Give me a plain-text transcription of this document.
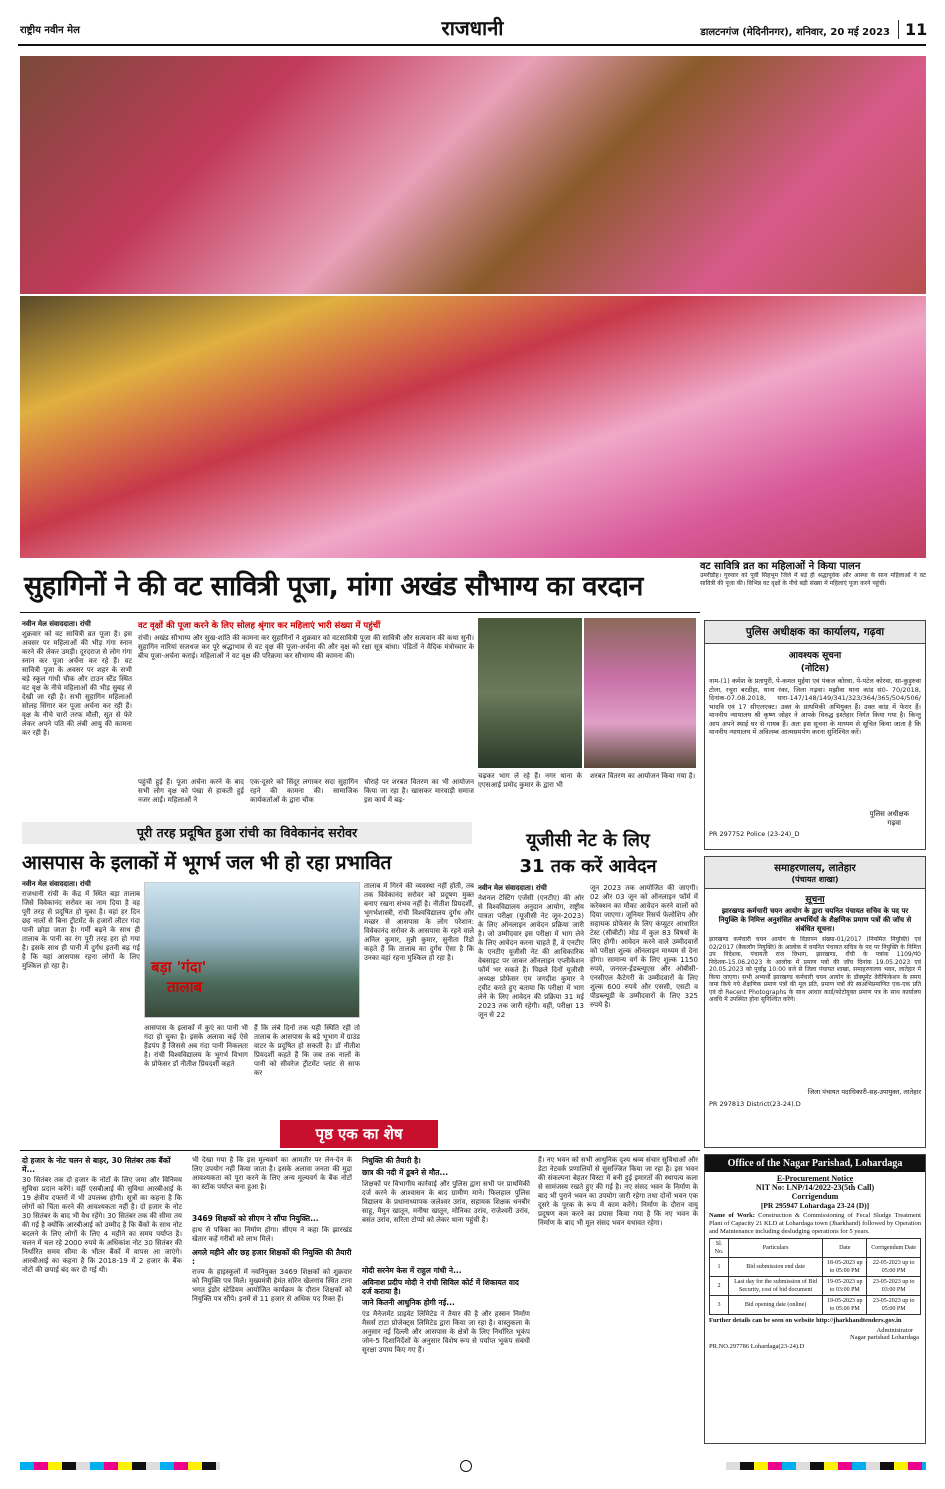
राष्ट्रीय नवीन मेल	राजधानी	डालटनगंज (मेदिनीनगर), शनिवार, 20 मई 2023 11
वट सावित्रि व्रत का महिलाओं ने किया पालन
उमरीडीह। गुरुवार को पूर्वी सिंहभूम जिले में बड़े ही श्रद्धापूर्वक और आस्था के साथ महिलाओं ने वट सावित्री की पूजा की। विभिन्न वट वृक्षों के नीचे बड़ी संख्या में महिलाएं पूजा करने पहुंचीं।
सुहागिनों ने की वट सावित्री पूजा, मांगा अखंड सौभाग्य का वरदान
नवीन मेल संवाददाता। रांची
शुक्रवार को वट सावित्री व्रत पूजा है। इस अवसर पर महिलाओं की भीड़ गंगा स्नान करने की लेकर उमड़ी। दूरदराज से लोग गंगा स्नान कर पूजा अर्चना कर रहे हैं। वट सावित्री पूजा के अवसर पर शहर के सभी बड़े स्कूल गांधी चौक और टाउन स्टैंड स्थित वट वृक्ष के नीचे महिलाओं की भीड़ सुबह से देखी जा रही है। सभी सुहागिन महिलाओं सोलह सिंगार कर पूजा अर्चना कर रही हैं। वृक्ष के नीचे चारों तरफ मौली, सूत से फेरे लेकर अपने पति की लंबी आयु की कामना कर रही हैं।
वट वृक्षों की पूजा करने के लिए सोलह श्रृंगार कर महिलाएं भारी संख्या में पहुंचीं
रांची। अखंड सौभाग्य और सुख-शांति की कामना कर सुहागिनों ने शुक्रवार को वटसावित्री पूजा की सावित्री और सत्यवान की कथा सुनी। सुहागिन नारियां सजधज कर पूरे श्रद्धाभाव से वट वृक्ष की पूजा-अर्चना की और वृक्ष को रक्षा सूत्र बांधा। पंडितों ने वैदिक मंत्रोच्चार के बीच पूजा-अर्चना कराई। महिलाओं ने वट वृक्ष की परिक्रमा कर सौभाग्य की कामना की।
पहुंची हुई हैं। पूजा अर्चना करने के बाद सभी लोग वृक्ष को पंखा से हाकती हुई नजर आईं। महिलाओं ने
एक-दूसरे को सिंदूर लगाकर सदा सुहागिन रहने की कामना की। सामाजिक कार्यकर्ताओं के द्वारा चौक
चौराहे पर शरबत वितरण का भी आयोजन किया जा रहा है। खासकर मारवाड़ी समाज इस कार्य में बढ़-
चढ़कर भाग ले रहे हैं। नगर थाना के एएसआई प्रमोद कुमार के द्वारा भी
शरबत वितरण का आयोजन किया गया है।
पुलिस अधीक्षक का कार्यालय, गढ़वा
आवश्यक सूचना
(नोटिस)
नाम-(1) कमेश के प्रतापुरी, पे-कमल मुईया एवं पंकज कोरवा, पे-पटेल कोरवा, सा-कुड़ुरुवा टोला, रचुरा बरडीहा, थाना रंका, जिला गढ़वा। मझौवा थाना कांड सं0- 70/2018, दिनांक-07.08.2018, धारा-147/148/149/341/323/364/365/504/506/भादवि एवं 17 सीएलएक्ट। उक्त के प्राथमिकी अभियुक्त हैं। उक्त कांड में फेरार हैं। माननीय न्यायालय श्री कृष्ण जोहर ने आपके विरुद्ध इश्तेहार निर्गत किया गया है। किन्तु आप अपने स्थाई घर से गायब हैं। अतः इस सूचना के माध्यम से सूचित किया जाता है कि माननीय न्यायालय में अविलम्ब आत्मसमर्पण करना सुनिश्चित करें।
पुलिस अधीक्षक
गढ़वा
PR 297752 Police (23-24)_D
पूरी तरह प्रदूषित हुआ रांची का विवेकानंद सरोवर
आसपास के इलाकों में भूगर्भ जल भी हो रहा प्रभावित
नवीन मेल संवाददाता। रांची
राजधानी रांची के केंद्र में स्थित बड़ा तालाब जिसे विवेकानंद सरोवर का नाम दिया है वह पूरी तरह से प्रदूषित हो चुका है। वहां हर दिन छह नालों से बिना ट्रीटमेंट के हजारों लीटर गंदा पानी छोड़ा जाता है। गर्मी बढ़ने के साथ ही तालाब के पानी का रंग पूरी तरह हरा हो गया है। इसके साथ ही पानी में दुर्गंध इतनी बढ़ गई है कि यहां आसपास रहना लोगों के लिए मुश्किल हो रहा है।	बड़ा 'गंदा'
तालाब
तालाब में गिरने की व्यवस्था नहीं होती, तब तक विवेकानंद सरोवर को प्रदूषण मुक्त बनाए रखना संभव नहीं है। नीतीश प्रियदर्शी, भूगर्भशास्त्री, रांची विश्वविद्यालय दुर्गंध और मच्छर से आसपास के लोग परेशान: विवेकानंद सरोवर के आसपास के रहने वाले अनिल कुमार, मुन्नी कुमार, सुनीता रिंडो कहते हैं कि तालाब का दुर्गंध ऐसा है कि उनका वहां रहना मुश्किल हो रहा है।
आसपास के इलाकों में कुएं का पानी भी गंदा हो चुका है। इसके अलावा कई ऐसे हैंडपंप हैं जिससे अब गंदा पानी निकलता है। रांची विश्वविद्यालय के भूगर्भ विभाग के प्रोफेसर डॉ नीतीश प्रियदर्शी कहते
हैं कि लंबे दिनों तक यही स्थिति रही तो तालाब के आसपास के बड़े भूभाग में ग्राउंड वाटर के प्रदूषित हो सकती है। डॉ नीतीश प्रियदर्शी कहते हैं कि जब तक नालों के पानी को सीवरेज ट्रीटमेंट प्लांट से साफ कर
यूजीसी नेट के लिए
31 तक करें आवेदन
नवीन मेल संवाददाता। रांची
नेशनल टेस्टिंग एजेंसी (एनटीए) की ओर से विश्वविद्यालय अनुदान आयोग, राष्ट्रीय पात्रता परीक्षा (यूजीसी नेट जून-2023) के लिए ऑनलाइन आवेदन प्रक्रिया जारी है। जो उम्मीदवार इस परीक्षा में भाग लेने के लिए आवेदन करना चाहते हैं, वे एनटीए के एनटीए यूजीसी नेट की आधिकारिक वेबसाइट पर जाकर ऑनलाइन एप्लीकेशन फॉर्म भर सकते हैं। पिछले दिनों यूजीसी अध्यक्ष प्रोफेसर एम जगदीश कुमार ने ट्वीट करते हुए बताया कि परीक्षा में भाग लेने के लिए आवेदन की प्रक्रिया 31 मई 2023 तक जारी रहेगी। वहीं, परीक्षा 13 जून से 22
जून 2023 तक आयोजित की जाएगी। 02 और 03 जून को ऑनलाइन फॉर्म में करेक्शन का मौका आवेदन करने वालों को दिया जाएगा। जूनियर रिसर्च फेलोशिप और सहायक प्रोफेसर के लिए कंप्यूटर आधारित टेस्ट (सीबीटी) मोड में कुल 83 विषयों के लिए होगी। आवेदन करने वाले उम्मीदवारों को परीक्षा शुल्क ऑनलाइन माध्यम से देना होगा। सामान्य वर्ग के लिए शुल्क 1150 रुपये, जनरल-ईडब्ल्यूएस और ओबीसी-एनसीएल कैटेगरी के उम्मीदवारों के लिए शुल्क 600 रुपये और एससी, एसटी व पीडब्ल्यूडी के उम्मीदवारों के लिए 325 रुपये है।
समाहरणालय, लातेहार
(पंचायत शाखा)
सूचना
झारखण्ड कर्मचारी चयन आयोग के द्वारा चयनित पंचायत सचिव के पद पर नियुक्ति के निमित्त अनुशंसित अभ्यर्थियों के शैक्षणिक प्रमाण पत्रों की जॉच से संबंधित सूचना।
झारखण्ड कर्मचारी चयन आयोग के विज्ञापन संख्या-01/2017 (नियमित नियुक्ति) एवं 02/2017 (बैकलॉग नियुक्ति) के आलोक में चयनित पंचायत सचिव के पद पर नियुक्ति के निमित्त उप निदेशक, पंचायती राज विभाग, झारखण्ड, राँची के पत्रांक 1109/पं0 निदेशक-15.06.2023 के आलोक में प्रमाण पत्रों की जॉच दिनांक 19.05.2023 एवं 20.05.2023 को पूर्वाह्न 10:00 बजे से जिला पंचायत शाखा, समाहरणालय भवन, लातेहार में किया जाएगा। सभी अभ्यर्थी झारखण्ड कर्मचारी चयन आयोग के डॉक्यूमेंट वेरीफिकेशन के समय जमा किये गये शैक्षणिक प्रमाण पत्रों की मूल प्रति, प्रमाण पत्रों की स्वअभिप्रमाणित एक-एक प्रति एवं दो Recent Photographs के साथ आधार कार्ड/फोटोयुक्त प्रमाण पत्र के साथ कार्यालय अवधि में उपस्थित होना सुनिश्चित करेंगे।
जिला पंचायत पदाधिकारी-सह-उपायुक्त, लातेहार
PR 297813 District(23-24).D
पृष्ठ एक का शेष
दो हजार के नोट चलन से बाहर, 30 सितंबर तक बैंकों में...
30 सितंबर तक दो हजार के नोटों के लिए जमा और विनिमय सुविधा प्रदान करेंगे। वहीं एसबीआई की सुविधा आरबीआई के 19 क्षेत्रीय दफ्तरों में भी उपलब्ध होगी। सूत्रों का कहना है कि लोगों को चिंता करने की आवश्यकता नहीं है। दो हजार के नोट 30 सितंबर के बाद भी वैध रहेंगे। 30 सितंबर तक की सीमा तय की गई है क्योंकि आरबीआई को उम्मीद है कि बैंकों के साथ नोट बदलने के लिए लोगों के लिए 4 महीने का समय पर्याप्त है। चलन में चल रहे 2000 रुपये के अधिकांश नोट 30 सितंबर की निर्धारित समय सीमा के भीतर बैंकों में वापस आ जाएंगे। आरबीआई का कहना है कि 2018-19 में 2 हजार के बैंक नोटों की छपाई बंद कर दी गई थी।
भी देखा गया है कि इस मूल्यवर्ग का आमतौर पर लेन-देन के लिए उपयोग नहीं किया जाता है। इसके अलावा जनता की मुद्रा आवश्यकता को पूरा करने के लिए अन्य मूल्यवर्ग के बैंक नोटों का स्टॉक पर्याप्त बना हुआ है।
3469 शिक्षकों को सीएम ने सौंपा नियुक्ति...
हाथ से पत्रिका का निर्माण होगा। सीएम ने कहा कि झारखंड खेतार कहें गरीबों को लाभ मिले।
अगले महीने और छह हजार शिक्षकों की नियुक्ति की तैयारी :
राज्य के हाइस्कूलों में नवनियुक्त 3469 शिक्षकों को शुक्रवार को नियुक्ति पत्र मिले। मुख्यमंत्री हेमंत सोरेन खेलगांव स्थित टाना भगत इंडोर स्टेडियम आयोजित कार्यक्रम के दौरान शिक्षकों को नियुक्ति पत्र सौंपे। इनमें से 11 हजार से अधिक पद रिक्त हैं।
निधुक्ति की तैयारी है।
छात्र की नदी में डूबने से मौत...
शिक्षकों पर विभागीय कार्रवाई और पुलिस द्वारा सभी पर प्राथमिकी दर्ज करने के आश्वासन के बाद ग्रामीण माने। फिलहाल पुलिस विद्यालय के प्रधानाध्यापक जलेश्वर उरांव, सहायक शिक्षक धनबीर साहू, मैमुन खातून, मनीषा खातून, मोनिका उरांव, राजेश्वरी उरांव, बसंत उरांव, सरिता टोप्पो को लेकर थाना पहुंची है।
मोदी सरनेम केस में राहुल गांधी ने...
अविनाश प्रदीप मोदी ने रांची सिविल कोर्ट में शिकायत वाद दर्ज कराया है।
जाने कितनी आधुनिक होगी नई...
एंड मैनेजमेंट प्राइवेट लिमिटेड ने तैयार की है और हस्सन निर्माण मैसर्स टाटा प्रोजेक्ट्स लिमिटेड द्वारा किया जा रहा है। वास्तुकला के अनुसार नई दिल्ली और आसपास के क्षेत्रों के लिए निर्धारित भूकंप जोन-5 दिशानिर्देशों के अनुसार विशेष रूप से पर्याप्त भूकंप संबंधी सुरक्षा उपाय किए गए हैं।
हैं। नए भवन को सभी आधुनिक दृश्य श्रव्य संचार सुविधाओं और डेटा नेटवर्क प्रणालियों से सुसज्जित किया जा रहा है। इस भवन की संकल्पना बेहतर विस्टा में बनी हुई इमारतों की स्थापत्य कला से सामंजस्य रखते हुए की गई है। नए संसद भवन के निर्माण के बाद भी पुराने भवन का उपयोग जारी रहेगा तथा दोनों भवन एक दूसरे के पूरक के रूप में काम करेंगे। निर्माण के दौरान वायु प्रदूषण कम करने का प्रयास किया गया है कि नए भवन के निर्माण के बाद भी मूल संसद भवन यथावत रहेगा।
Office of the Nagar Parishad, Lohardaga
E-Procurement Notice
NIT No: LNP/14/2022-23(5th Call)
Corrigendum
[PR 295947 Lohardaga 23-24 (D)]
Name of Work: Construction & Commissioning of Fecal Sludge Treatment Plant of Capacity 21 KLD at Lohardaga town (Jharkhand) followed by Operation and Maintenance including desludging operations for 5 years.
Sl. No.	Particulars	Date	Corrigendum Date
1	Bid submission end date	18-05-2023 up to 05:00 PM	22-05-2023 up to 05:00 PM
2	Last day for the submission of Bid Security, cost of bid document	19-05-2023 up to 03:00 PM	23-05-2023 up to 03:00 PM
3	Bid opening date (online)	19-05-2023 up to 05:00 PM	23-05-2023 up to 05:00 PM
Further details can be seen on website http://jharkhandtenders.gov.in
Administrator
Nagar parishad Lohardaga
PR.NO.297786 Lohardaga(23-24).D
